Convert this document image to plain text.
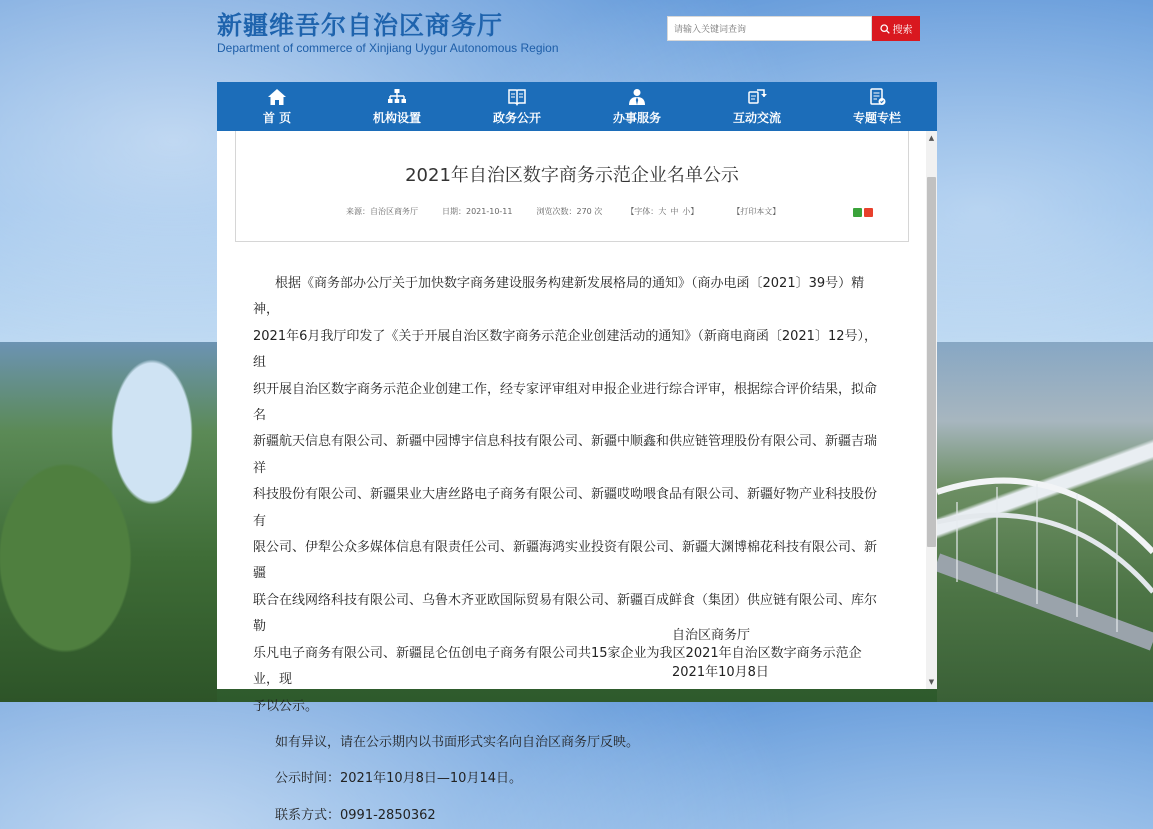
新疆维吾尔自治区商务厅
Department of commerce of Xinjiang Uygur Autonomous Region
请输入关键词查询
搜索
首 页	机构设置	政务公开	办事服务	互动交流	专题专栏
2021年自治区数字商务示范企业名单公示
来源：自治区商务厅	日期：2021-10-11	浏览次数：270 次	【字体：大 中 小】	【打印本文】
根据《商务部办公厅关于加快数字商务建设服务构建新发展格局的通知》（商办电函〔2021〕39号）精神，
2021年6月我厅印发了《关于开展自治区数字商务示范企业创建活动的通知》（新商电商函〔2021〕12号），组
织开展自治区数字商务示范企业创建工作，经专家评审组对申报企业进行综合评审，根据综合评价结果，拟命名
新疆航天信息有限公司、新疆中园博宇信息科技有限公司、新疆中顺鑫和供应链管理股份有限公司、新疆吉瑞祥
科技股份有限公司、新疆果业大唐丝路电子商务有限公司、新疆哎呦喂食品有限公司、新疆好物产业科技股份有
限公司、伊犁公众多媒体信息有限责任公司、新疆海鸿实业投资有限公司、新疆大渊博棉花科技有限公司、新疆
联合在线网络科技有限公司、乌鲁木齐亚欧国际贸易有限公司、新疆百成鲜食（集团）供应链有限公司、库尔勒
乐凡电子商务有限公司、新疆昆仑伍创电子商务有限公司共15家企业为我区2021年自治区数字商务示范企业，现
予以公示。

如有异议，请在公示期内以书面形式实名向自治区商务厅反映。

公示时间：2021年10月8日—10月14日。

联系方式：0991-2850362

自治区商务厅
2021年10月8日
▲
▼
